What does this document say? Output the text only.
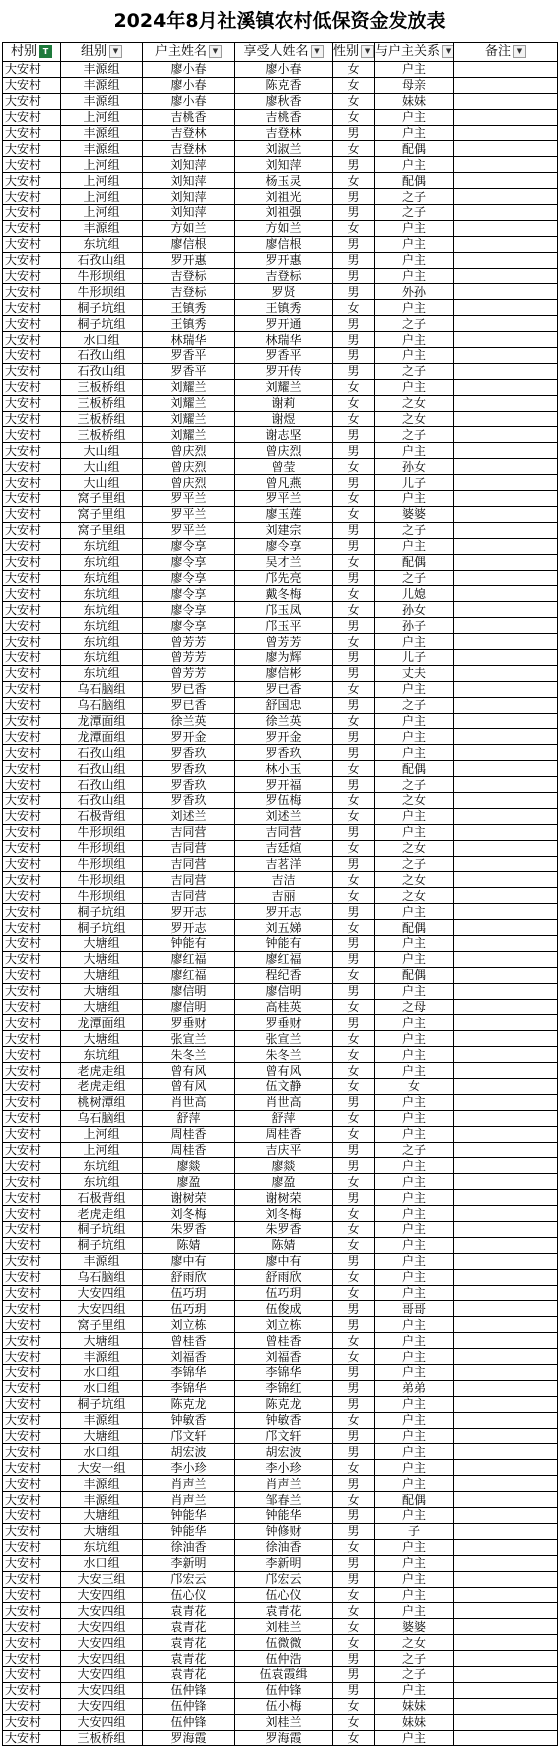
2024年8月社溪镇农村低保资金发放表
村别 T	组别 ▼	户主姓名 ▼	享受人姓名 ▼	性别 ▼	与户主关系 ▼	备注 ▼
大安村	丰源组	廖小春	廖小春	女	户主	
大安村	丰源组	廖小春	陈克香	女	母亲	
大安村	丰源组	廖小春	廖秋香	女	妹妹	
大安村	上河组	吉桃香	吉桃香	女	户主	
大安村	丰源组	吉登林	吉登林	男	户主	
大安村	丰源组	吉登林	刘淑兰	女	配偶	
大安村	上河组	刘知萍	刘知萍	男	户主	
大安村	上河组	刘知萍	杨玉灵	女	配偶	
大安村	上河组	刘知萍	刘祖光	男	之子	
大安村	上河组	刘知萍	刘祖强	男	之子	
大安村	丰源组	方如兰	方如兰	女	户主	
大安村	东坑组	廖信根	廖信根	男	户主	
大安村	石孜山组	罗开惠	罗开惠	男	户主	
大安村	牛形坝组	吉登标	吉登标	男	户主	
大安村	牛形坝组	吉登标	罗贤	男	外孙	
大安村	桐子坑组	王镇秀	王镇秀	女	户主	
大安村	桐子坑组	王镇秀	罗开通	男	之子	
大安村	水口组	林瑞华	林瑞华	男	户主	
大安村	石孜山组	罗香平	罗香平	男	户主	
大安村	石孜山组	罗香平	罗开传	男	之子	
大安村	三板桥组	刘耀兰	刘耀兰	女	户主	
大安村	三板桥组	刘耀兰	谢莉	女	之女	
大安村	三板桥组	刘耀兰	谢煜	女	之女	
大安村	三板桥组	刘耀兰	谢志坚	男	之子	
大安村	大山组	曾庆烈	曾庆烈	男	户主	
大安村	大山组	曾庆烈	曾莹	女	孙女	
大安村	大山组	曾庆烈	曾凡燕	男	儿子	
大安村	窝子里组	罗平兰	罗平兰	女	户主	
大安村	窝子里组	罗平兰	廖玉莲	女	婆婆	
大安村	窝子里组	罗平兰	刘建宗	男	之子	
大安村	东坑组	廖令享	廖令享	男	户主	
大安村	东坑组	廖令享	吴才兰	女	配偶	
大安村	东坑组	廖令享	邝先亮	男	之子	
大安村	东坑组	廖令享	戴冬梅	女	儿媳	
大安村	东坑组	廖令享	邝玉凤	女	孙女	
大安村	东坑组	廖令享	邝玉平	男	孙子	
大安村	东坑组	曾芳芳	曾芳芳	女	户主	
大安村	东坑组	曾芳芳	廖为辉	男	儿子	
大安村	东坑组	曾芳芳	廖信彬	男	丈夫	
大安村	乌石脑组	罗已香	罗已香	女	户主	
大安村	乌石脑组	罗已香	舒国忠	男	之子	
大安村	龙潭面组	徐兰英	徐兰英	女	户主	
大安村	龙潭面组	罗开金	罗开金	男	户主	
大安村	石孜山组	罗香玖	罗香玖	男	户主	
大安村	石孜山组	罗香玖	林小玉	女	配偶	
大安村	石孜山组	罗香玖	罗开福	男	之子	
大安村	石孜山组	罗香玖	罗伍梅	女	之女	
大安村	石极背组	刘述兰	刘述兰	女	户主	
大安村	牛形坝组	吉同营	吉同营	男	户主	
大安村	牛形坝组	吉同营	吉廷煊	女	之女	
大安村	牛形坝组	吉同营	吉茗洋	男	之子	
大安村	牛形坝组	吉同营	吉洁	女	之女	
大安村	牛形坝组	吉同营	吉丽	女	之女	
大安村	桐子坑组	罗开志	罗开志	男	户主	
大安村	桐子坑组	罗开志	刘五娣	女	配偶	
大安村	大塘组	钟能有	钟能有	男	户主	
大安村	大塘组	廖红福	廖红福	男	户主	
大安村	大塘组	廖红福	程纪香	女	配偶	
大安村	大塘组	廖信明	廖信明	男	户主	
大安村	大塘组	廖信明	高桂英	女	之母	
大安村	龙潭面组	罗垂财	罗垂财	男	户主	
大安村	大塘组	张宣兰	张宣兰	女	户主	
大安村	东坑组	朱冬兰	朱冬兰	女	户主	
大安村	老虎走组	曾有风	曾有风	女	户主	
大安村	老虎走组	曾有风	伍文静	女	女	
大安村	桃树潭组	肖世高	肖世高	男	户主	
大安村	乌石脑组	舒萍	舒萍	女	户主	
大安村	上河组	周桂香	周桂香	女	户主	
大安村	上河组	周桂香	吉庆平	男	之子	
大安村	东坑组	廖燚	廖燚	男	户主	
大安村	东坑组	廖盈	廖盈	女	户主	
大安村	石极背组	谢树荣	谢树荣	男	户主	
大安村	老虎走组	刘冬梅	刘冬梅	女	户主	
大安村	桐子坑组	朱罗香	朱罗香	女	户主	
大安村	桐子坑组	陈婧	陈婧	女	户主	
大安村	丰源组	廖中有	廖中有	男	户主	
大安村	乌石脑组	舒雨欣	舒雨欣	女	户主	
大安村	大安四组	伍巧玥	伍巧玥	女	户主	
大安村	大安四组	伍巧玥	伍俊成	男	哥哥	
大安村	窝子里组	刘立栋	刘立栋	男	户主	
大安村	大塘组	曾桂香	曾桂香	女	户主	
大安村	丰源组	刘福香	刘福香	女	户主	
大安村	水口组	李锦华	李锦华	男	户主	
大安村	水口组	李锦华	李锦红	男	弟弟	
大安村	桐子坑组	陈克龙	陈克龙	男	户主	
大安村	丰源组	钟敏香	钟敏香	女	户主	
大安村	大塘组	邝文轩	邝文轩	男	户主	
大安村	水口组	胡宏波	胡宏波	男	户主	
大安村	大安一组	李小珍	李小珍	女	户主	
大安村	丰源组	肖声兰	肖声兰	男	户主	
大安村	丰源组	肖声兰	邹春兰	女	配偶	
大安村	大塘组	钟能华	钟能华	男	户主	
大安村	大塘组	钟能华	钟修财	男	子	
大安村	东坑组	徐油香	徐油香	女	户主	
大安村	水口组	李新明	李新明	男	户主	
大安村	大安三组	邝宏云	邝宏云	男	户主	
大安村	大安四组	伍心仪	伍心仪	女	户主	
大安村	大安四组	袁青花	袁青花	女	户主	
大安村	大安四组	袁青花	刘桂兰	女	婆婆	
大安村	大安四组	袁青花	伍微微	女	之女	
大安村	大安四组	袁青花	伍仲浩	男	之子	
大安村	大安四组	袁青花	伍袁霞缉	男	之子	
大安村	大安四组	伍仲锋	伍仲锋	男	户主	
大安村	大安四组	伍仲锋	伍小梅	女	妹妹	
大安村	大安四组	伍仲锋	刘桂兰	女	妹妹	
大安村	三板桥组	罗海霞	罗海霞	女	户主	
